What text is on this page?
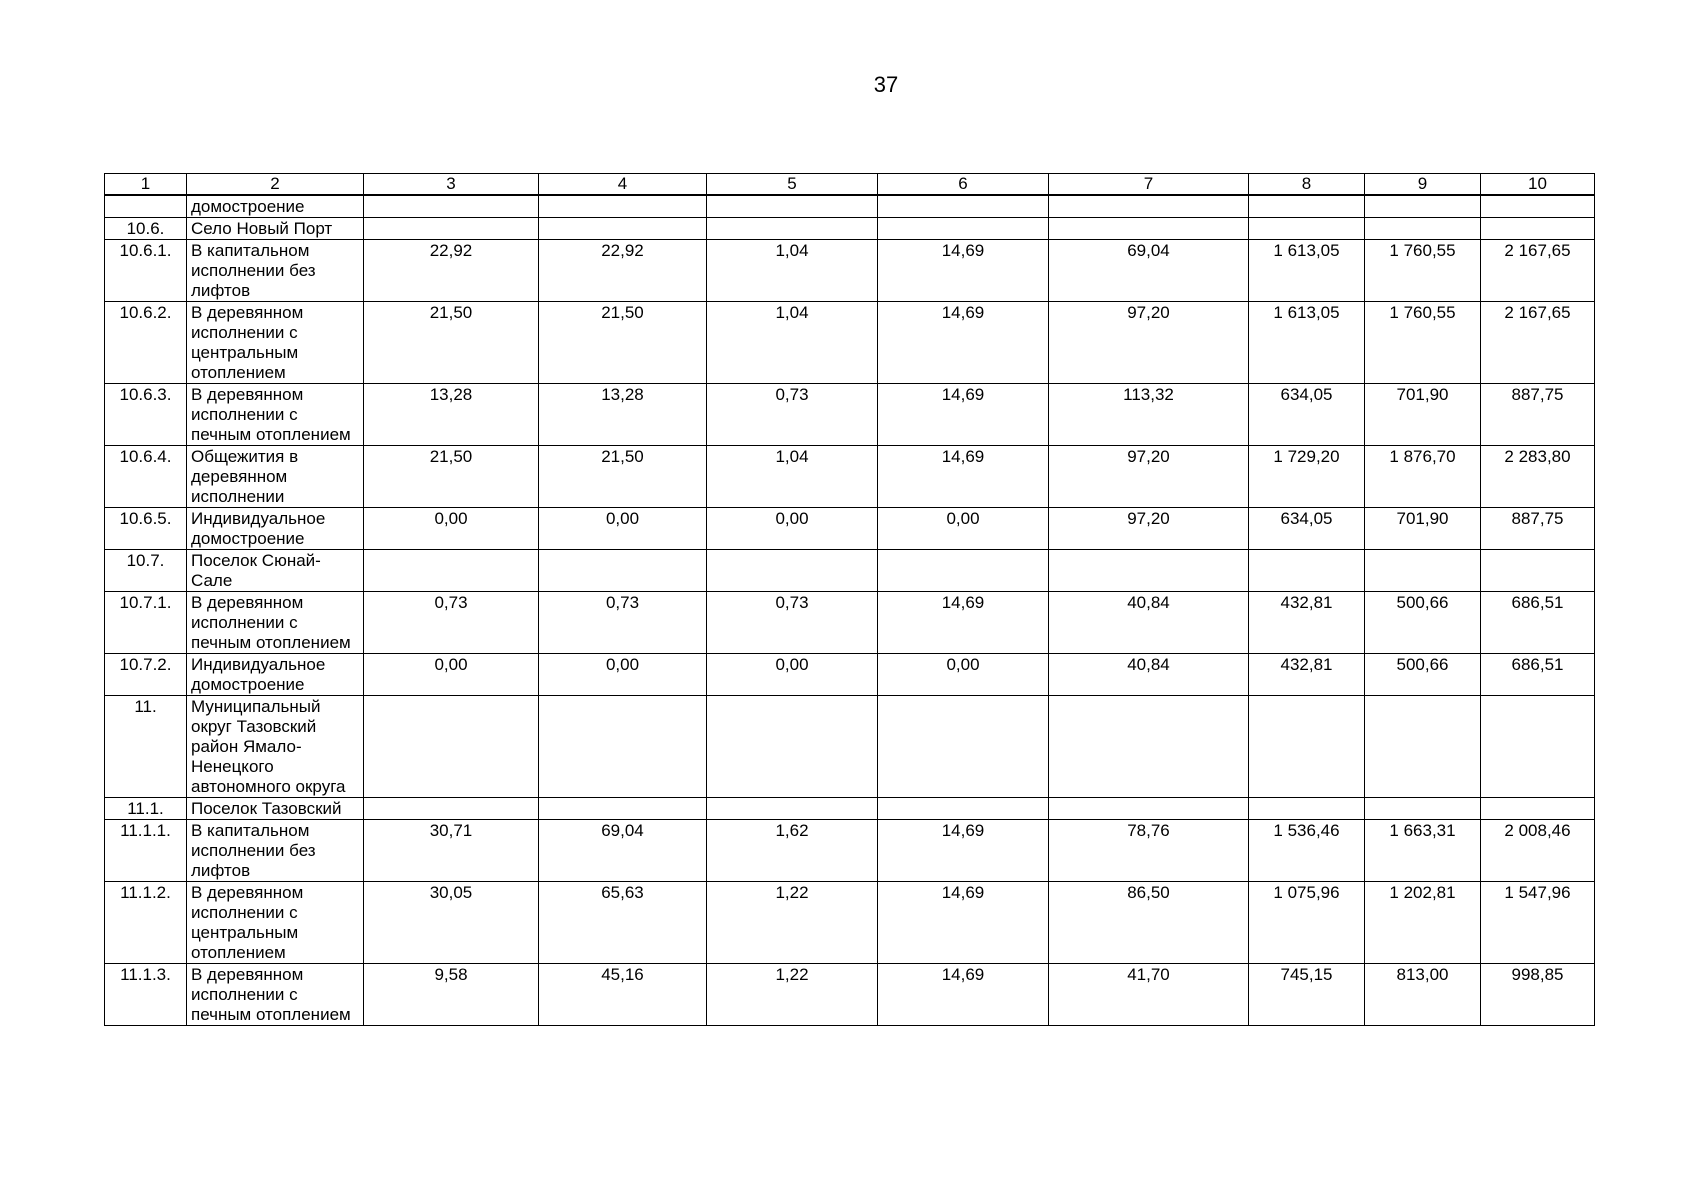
37
1	2	3	4	5	6	7	8	9	10
	домостроение								
10.6.	Село Новый Порт								
10.6.1.	В капитальном исполнении без лифтов	22,92	22,92	1,04	14,69	69,04	1 613,05	1 760,55	2 167,65
10.6.2.	В деревянном исполнении с центральным отоплением	21,50	21,50	1,04	14,69	97,20	1 613,05	1 760,55	2 167,65
10.6.3.	В деревянном исполнении с печным отоплением	13,28	13,28	0,73	14,69	113,32	634,05	701,90	887,75
10.6.4.	Общежития в деревянном исполнении	21,50	21,50	1,04	14,69	97,20	1 729,20	1 876,70	2 283,80
10.6.5.	Индивидуальное домостроение	0,00	0,00	0,00	0,00	97,20	634,05	701,90	887,75
10.7.	Поселок Сюнай-Сале								
10.7.1.	В деревянном исполнении с печным отоплением	0,73	0,73	0,73	14,69	40,84	432,81	500,66	686,51
10.7.2.	Индивидуальное домостроение	0,00	0,00	0,00	0,00	40,84	432,81	500,66	686,51
11.	Муниципальный округ Тазовский район Ямало-Ненецкого автономного округа								
11.1.	Поселок Тазовский								
11.1.1.	В капитальном исполнении без лифтов	30,71	69,04	1,62	14,69	78,76	1 536,46	1 663,31	2 008,46
11.1.2.	В деревянном исполнении с центральным отоплением	30,05	65,63	1,22	14,69	86,50	1 075,96	1 202,81	1 547,96
11.1.3.	В деревянном исполнении с печным отоплением	9,58	45,16	1,22	14,69	41,70	745,15	813,00	998,85
